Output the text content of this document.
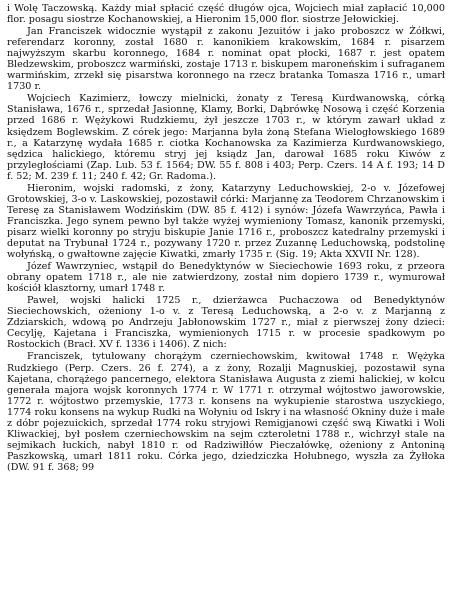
i Wolę Taczowską. Każdy miał spłacić część długów ojca, Wojciech miał zapłacić 10,000 flor. posagu siostrze Kochanowskiej, a Hieronim 15,000 flor. siostrze Jełowickiej.

Jan Franciszek widocznie wystąpił z zakonu Jezuitów i jako proboszcz w Żółkwi, referendarz koronny, został 1680 r. kanonikiem krakowskim, 1684 r. pisarzem najwyższym skarbu koronnego, 1684 r. nominat opat płocki, 1687 r. jest opatem Bledzewskim, proboszcz warmiński, zostaje 1713 r. biskupem maroneńskim i sufraganem warmińskim, zrzekł się pisarstwa koronnego na rzecz bratanka Tomasza 1716 r., umarł 1730 r.

Wojciech Kazimierz, łowczy mielnicki, żonaty z Teresą Kurdwanowską, córką Stanisława, 1676 r., sprzedał Jasionnę, Klamy, Borki, Dąbrówkę Nosową i część Korzenia przed 1686 r. Wężykowi Rudzkiemu, żył jeszcze 1703 r., w którym zawarł układ z księdzem Boglewskim. Z córek jego: Marjanna była żoną Stefana Wielogłowskiego 1689 r., a Katarzynę wydała 1685 r. ciotka Kochanowska za Kazimierza Kurdwanowskiego, sędzica halickiego, któremu stryj jej ksiądz Jan, darował 1685 roku Kiwów z przyległościami (Zap. Lub. 53 f. 1564; DW. 55 f. 808 i 403; Perp. Czers. 14 A f. 193; 14 D f. 52; M. 239 f. 11; 240 f. 42; Gr. Radoma.).

Hieronim, wojski radomski, z żony, Katarzyny Leduchowskiej, 2-o v. Józefowej Grotowskiej, 3-o v. Laskowskiej, pozostawił córki: Marjannę za Teodorem Chrzanowskim i Teresę za Stanisławem Wodzińskim (DW. 85 f. 412) i synów: Józefa Wawrzyńca, Pawła i Franciszka. Jego synem pewno był także wyżej wymieniony Tomasz, kanonik przemyski, pisarz wielki koronny po stryju biskupie Janie 1716 r., proboszcz katedralny przemyski i deputat na Trybunał 1724 r., pozywany 1720 r. przez Zuzannę Leduchowską, podstolinę wołyńską, o gwałtowne zajęcie Kiwatki, zmarły 1735 r. (Sig. 19; Akta XXVII Nr. 128).

Józef Wawrzyniec, wstąpił do Benedyktynów w Sieciechowie 1693 roku, z przeora obrany opatem 1718 r., ale nie zatwierdzony, został nim dopiero 1739 r., wymurował kościół klasztorny, umarł 1748 r.

Paweł, wojski halicki 1725 r., dzierżawca Puchaczowa od Benedyktynów Sieciechowskich, ożeniony 1-o v. z Teresą Leduchowską, a 2-o v. z Marjanną z Zdziarskich, wdową po Andrzeju Jabłonowskim 1727 r., miał z pierwszej żony dzieci: Cecylję, Kajetana i Franciszka, wymienionych 1715 r. w procesie spadkowym po Rostockich (Bracł. XV f. 1336 i 1406). Z nich:

Franciszek, tytułowany chorążym czerniechowskim, kwitował 1748 r. Wężyka Rudzkiego (Perp. Czers. 26 f. 274), a z żony, Rozalji Magnuskiej, pozostawił syna Kajetana, chorążego pancernego, elektora Stanisława Augusta z ziemi halickiej, w kołcu generała majora wojsk koronnych 1774 r. W 1771 r. otrzymał wójtostwo jaworowskie, 1772 r. wójtostwo przemyskie, 1773 r. konsens na wykupienie starostwa uszyckiego, 1774 roku konsens na wykup Rudki na Wołyniu od Iskry i na własność Okniny duże i małe z dóbr pojezuickich, sprzedał 1774 roku stryjowi Remigjanowi część swą Kiwatki i Woli Kliwackiej, był posłem czerniechowskim na sejm czteroletni 1788 r., wichrzył stale na sejmikach łuckich, nabył 1810 r. od Radziwiłłów Pieczałówkę, ożeniony z Antoniną Paszkowską, umarł 1811 roku. Córka jego, dziedziczka Hołubnego, wyszła za Żyłłoka (DW. 91 f. 368; 99
